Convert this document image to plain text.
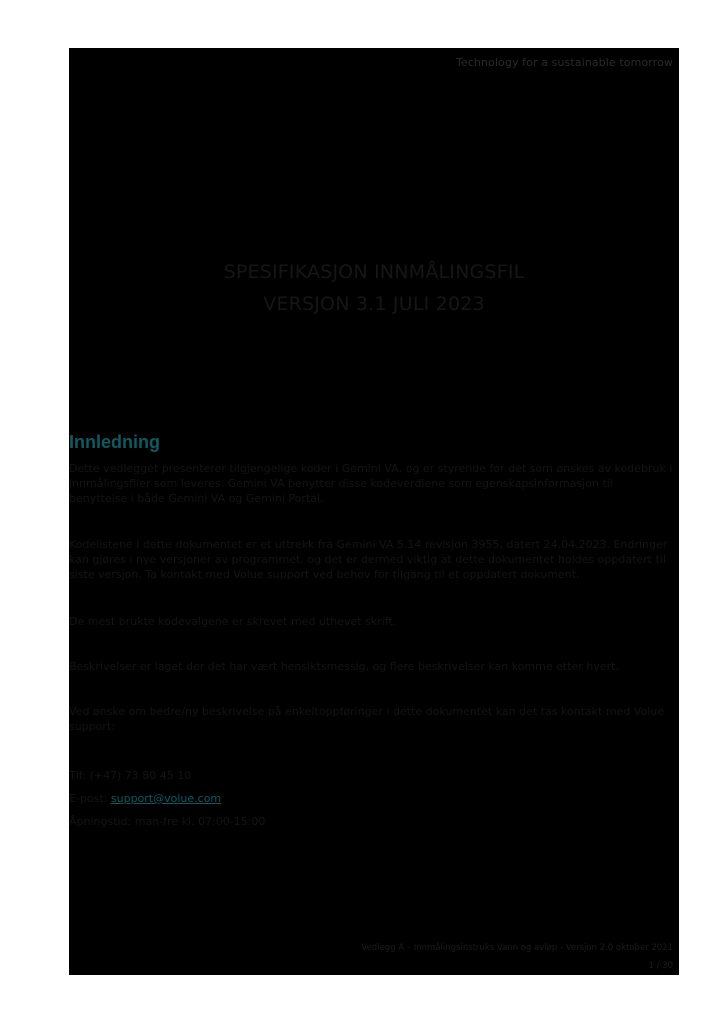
Technology for a sustainable tomorrow
SPESIFIKASJON INNMÅLINGSFIL
VERSJON 3.1 JULI 2023
Innledning
Dette vedlegget presenterer tilgjengelige koder i Gemini VA, og er styrende for det som ønskes av kodebruk i innmålingsfiler som leveres. Gemini VA benytter disse kodeverdiene som egenskapsinformasjon til benyttelse i både Gemini VA og Gemini Portal.
Kodelistene i dette dokumentet er et uttrekk fra Gemini VA 5.14 revisjon 3955, datert 24.04.2023. Endringer kan gjøres i nye versjoner av programmet, og det er dermed viktig at dette dokumentet holdes oppdatert til siste versjon. Ta kontakt med Volue support ved behov for tilgang til et oppdatert dokument.
De mest brukte kodevalgene er skrevet med uthevet skrift.
Beskrivelser er laget der det har vært hensiktsmessig, og flere beskrivelser kan komme etter hvert.
Ved ønske om bedre/ny beskrivelse på enkeltoppføringer i dette dokumentet kan det tas kontakt med Volue support:
Tlf: (+47) 73 80 45 10
E-post: support@volue.com
Åpningstid: man-fre kl. 07:00-15:00
Vedlegg A – Innmålingsinstruks Vann og avløp - Versjon 2.0 oktober 2021
1 / 30
